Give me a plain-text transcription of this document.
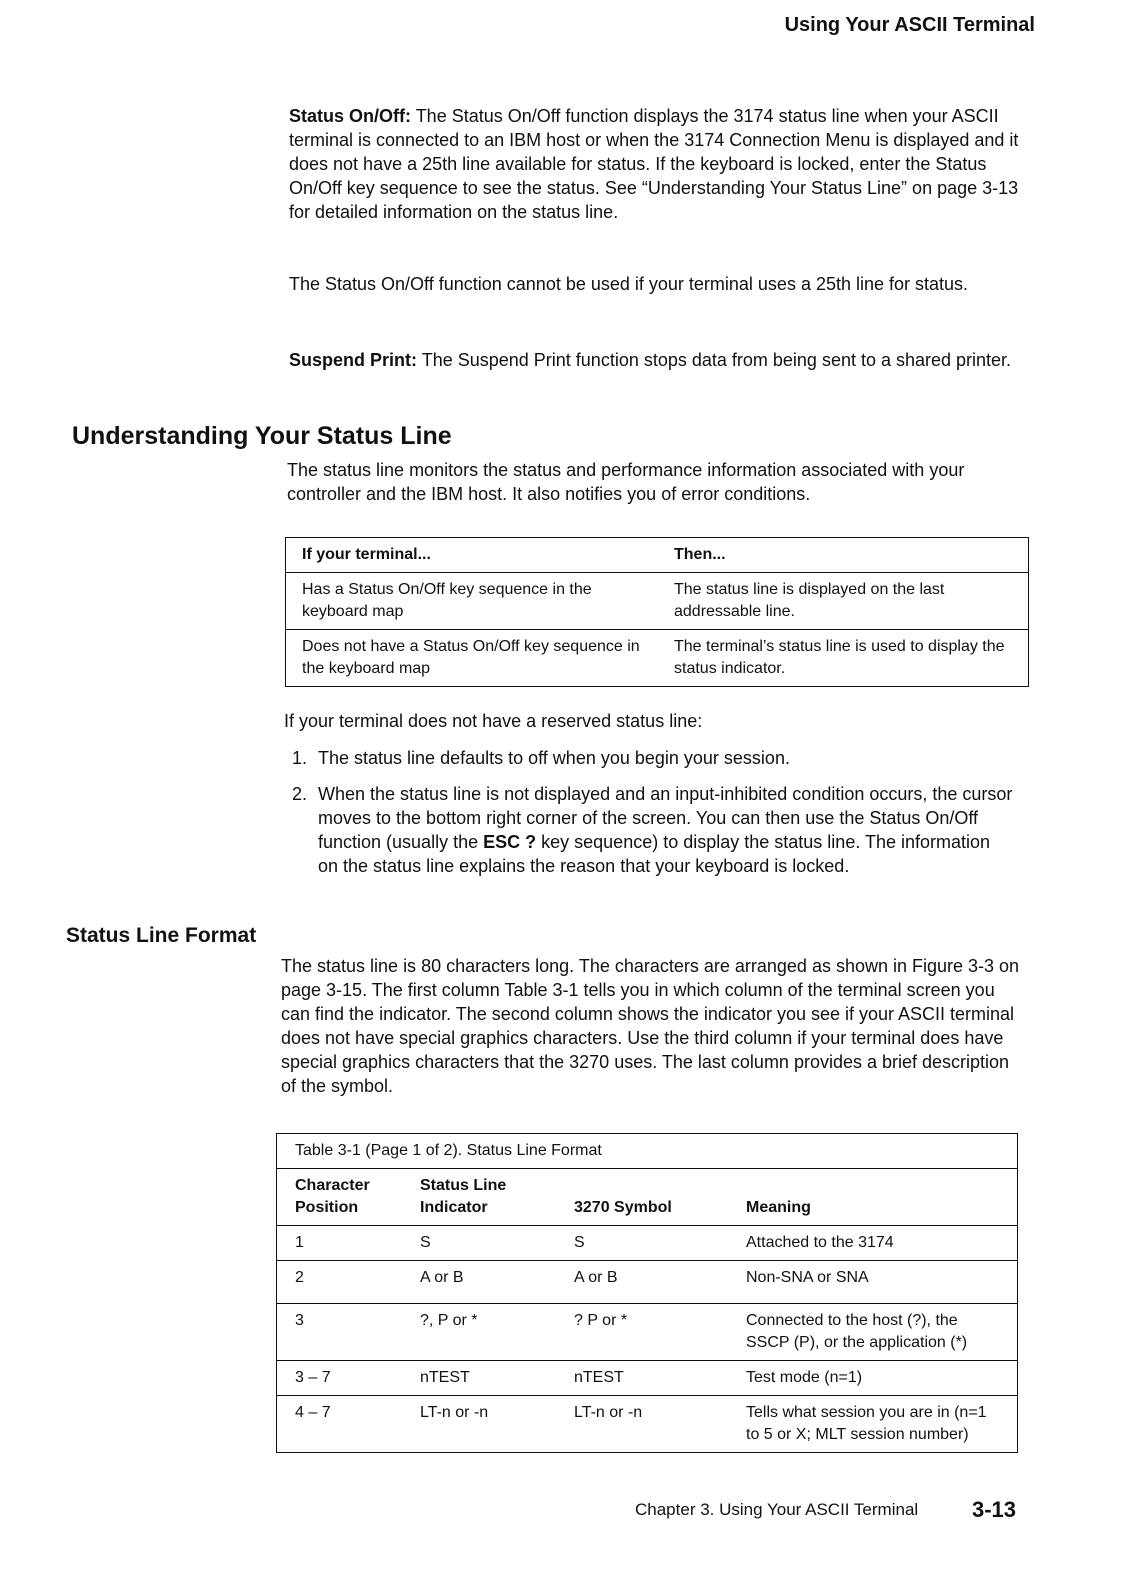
Using Your ASCII Terminal
Status On/Off: The Status On/Off function displays the 3174 status line when your ASCII terminal is connected to an IBM host or when the 3174 Connection Menu is displayed and it does not have a 25th line available for status. If the keyboard is locked, enter the Status On/Off key sequence to see the status. See “Understanding Your Status Line” on page 3-13 for detailed information on the status line.
The Status On/Off function cannot be used if your terminal uses a 25th line for status.
Suspend Print: The Suspend Print function stops data from being sent to a shared printer.
Understanding Your Status Line
The status line monitors the status and performance information associated with your controller and the IBM host. It also notifies you of error conditions.
If your terminal...	Then...
Has a Status On/Off key sequence in the keyboard map	The status line is displayed on the last addressable line.
Does not have a Status On/Off key sequence in the keyboard map	The terminal’s status line is used to display the status indicator.
If your terminal does not have a reserved status line:
1. The status line defaults to off when you begin your session.
2. When the status line is not displayed and an input-inhibited condition occurs, the cursor moves to the bottom right corner of the screen. You can then use the Status On/Off function (usually the ESC ? key sequence) to display the status line. The information on the status line explains the reason that your keyboard is locked.
Status Line Format
The status line is 80 characters long. The characters are arranged as shown in Figure 3-3 on page 3-15. The first column Table 3-1 tells you in which column of the terminal screen you can find the indicator. The second column shows the indicator you see if your ASCII terminal does not have special graphics characters. Use the third column if your terminal does have special graphics characters that the 3270 uses. The last column provides a brief description of the symbol.
Table 3-1 (Page 1 of 2). Status Line Format			
Character Position	Status Line Indicator	3270 Symbol	Meaning
1	S	S	Attached to the 3174
2	A or B	A or B	Non-SNA or SNA
3	?, P or *	? P or *	Connected to the host (?), the SSCP (P), or the application (*)
3 – 7	nTEST	nTEST	Test mode (n=1)
4 – 7	LT-n or -n	LT-n or -n	Tells what session you are in (n=1 to 5 or X; MLT session number)
Chapter 3. Using Your ASCII Terminal 3-13
